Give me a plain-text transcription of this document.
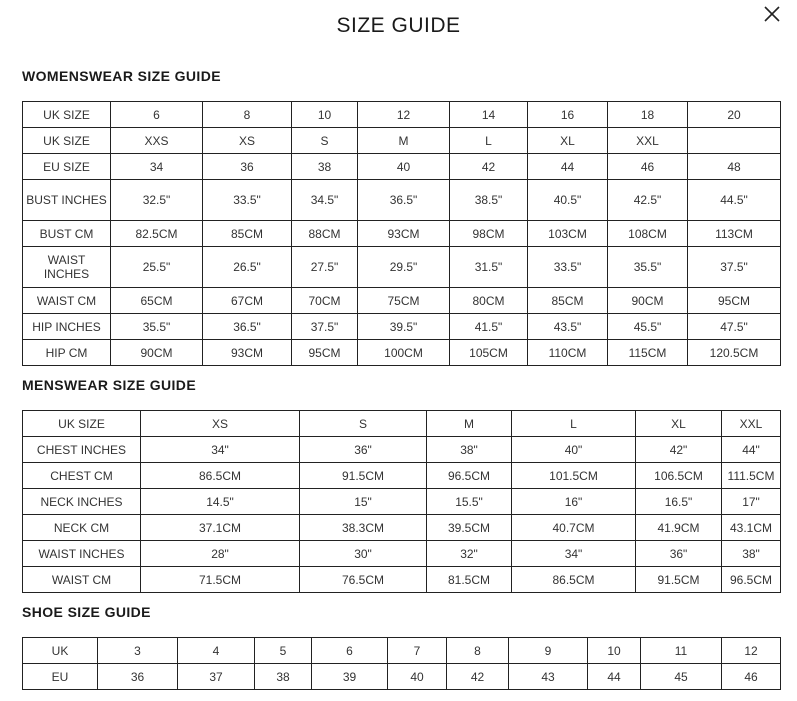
SIZE GUIDE
WOMENSWEAR SIZE GUIDE
UK SIZE	6	8	10	12	14	16	18	20
UK SIZE	XXS	XS	S	M	L	XL	XXL	
EU SIZE	34	36	38	40	42	44	46	48
BUST INCHES	32.5"	33.5"	34.5"	36.5"	38.5"	40.5"	42.5"	44.5"
BUST CM	82.5CM	85CM	88CM	93CM	98CM	103CM	108CM	113CM
WAIST INCHES	25.5"	26.5"	27.5"	29.5"	31.5"	33.5"	35.5"	37.5"
WAIST CM	65CM	67CM	70CM	75CM	80CM	85CM	90CM	95CM
HIP INCHES	35.5"	36.5"	37.5"	39.5"	41.5"	43.5"	45.5"	47.5"
HIP CM	90CM	93CM	95CM	100CM	105CM	110CM	115CM	120.5CM
MENSWEAR SIZE GUIDE
UK SIZE	XS	S	M	L	XL	XXL
CHEST INCHES	34"	36"	38"	40"	42"	44"
CHEST CM	86.5CM	91.5CM	96.5CM	101.5CM	106.5CM	111.5CM
NECK INCHES	14.5"	15"	15.5"	16"	16.5"	17"
NECK CM	37.1CM	38.3CM	39.5CM	40.7CM	41.9CM	43.1CM
WAIST INCHES	28"	30"	32"	34"	36"	38"
WAIST CM	71.5CM	76.5CM	81.5CM	86.5CM	91.5CM	96.5CM
SHOE SIZE GUIDE
UK	3	4	5	6	7	8	9	10	11	12
EU	36	37	38	39	40	42	43	44	45	46
